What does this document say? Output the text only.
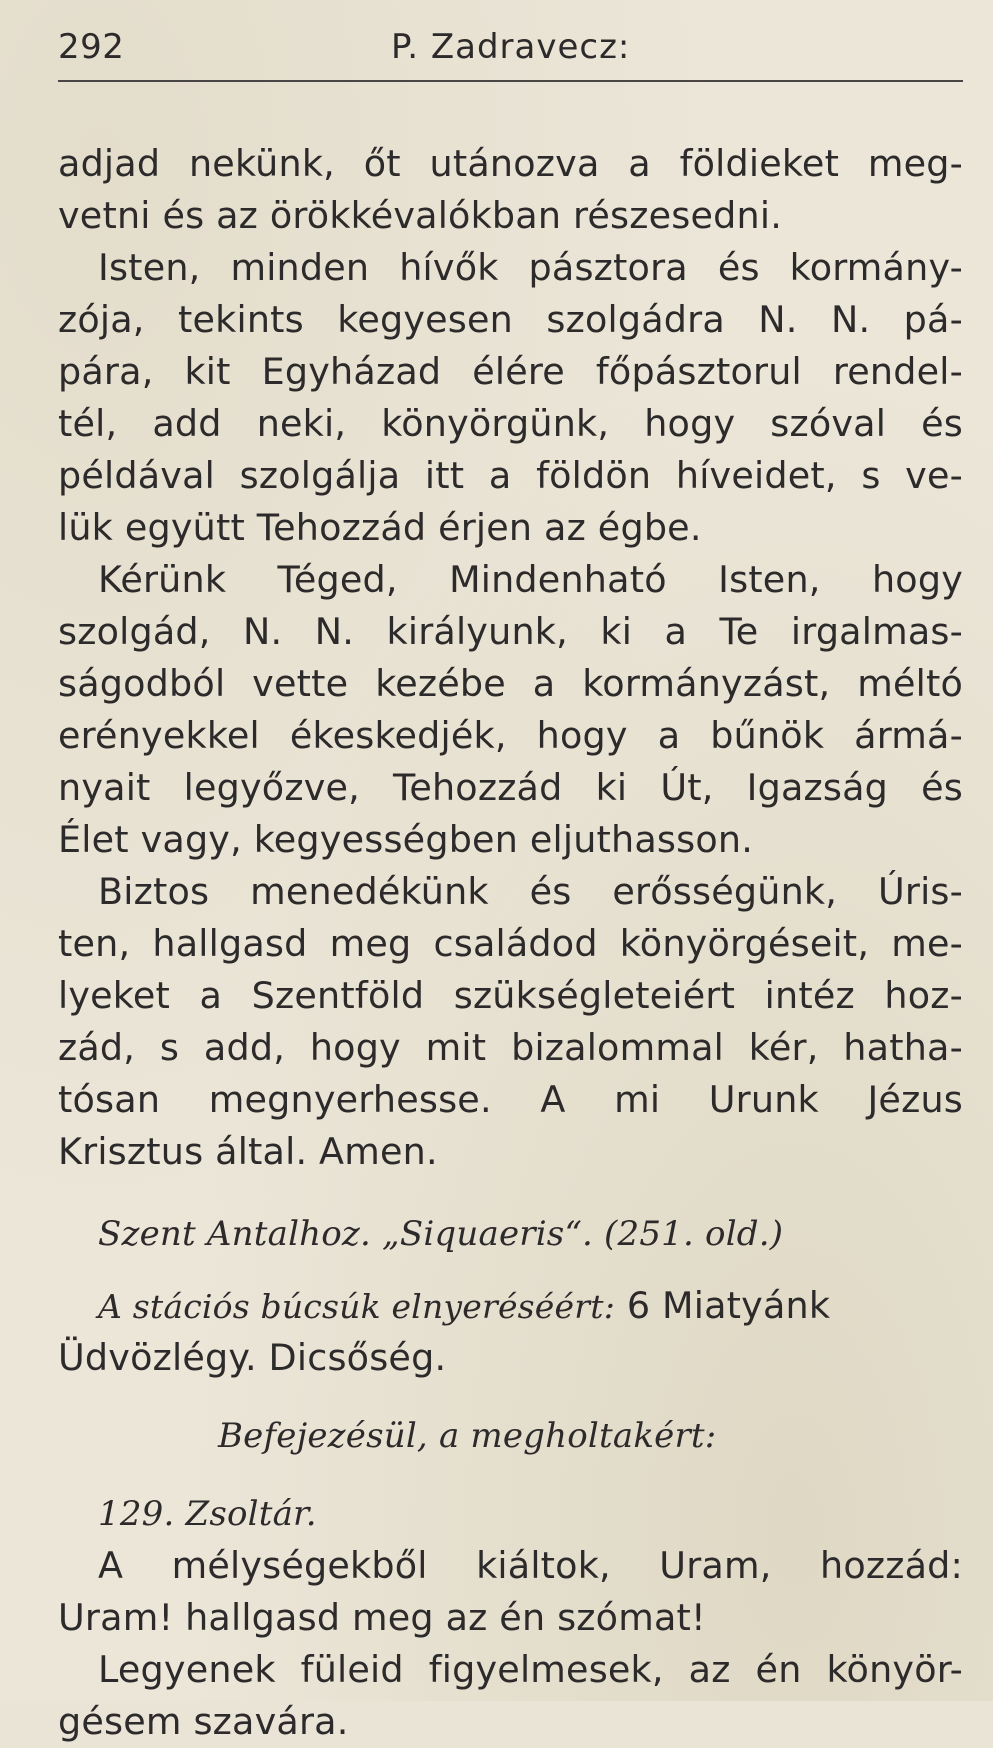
292	P. Zadravecz:
adjad nekünk, őt utánozva a földieket meg-
vetni és az örökkévalókban részesedni.
Isten, minden hívők pásztora és kormány-
zója, tekints kegyesen szolgádra N. N. pá-
pára, kit Egyházad élére főpásztorul rendel-
tél, add neki, könyörgünk, hogy szóval és
példával szolgálja itt a földön híveidet, s ve-
lük együtt Tehozzád érjen az égbe.
Kérünk Téged, Mindenható Isten, hogy
szolgád, N. N. királyunk, ki a Te irgalmas-
ságodból vette kezébe a kormányzást, méltó
erényekkel ékeskedjék, hogy a bűnök ármá-
nyait legyőzve, Tehozzád ki Út, Igazság és
Élet vagy, kegyességben eljuthasson.
Biztos menedékünk és erősségünk, Úris-
ten, hallgasd meg családod könyörgéseit, me-
lyeket a Szentföld szükségleteiért intéz hoz-
zád, s add, hogy mit bizalommal kér, hatha-
tósan megnyerhesse. A mi Urunk Jézus
Krisztus által. Amen.
Szent Antalhoz. „Siquaeris“. (251. old.)
A stációs búcsúk elnyeréséért: 6 Miatyánk
Üdvözlégy. Dicsőség.
Befejezésül, a megholtakért:
129. Zsoltár.
A mélységekből kiáltok, Uram, hozzád:
Uram! hallgasd meg az én szómat!
Legyenek füleid figyelmesek, az én könyör-
gésem szavára.
